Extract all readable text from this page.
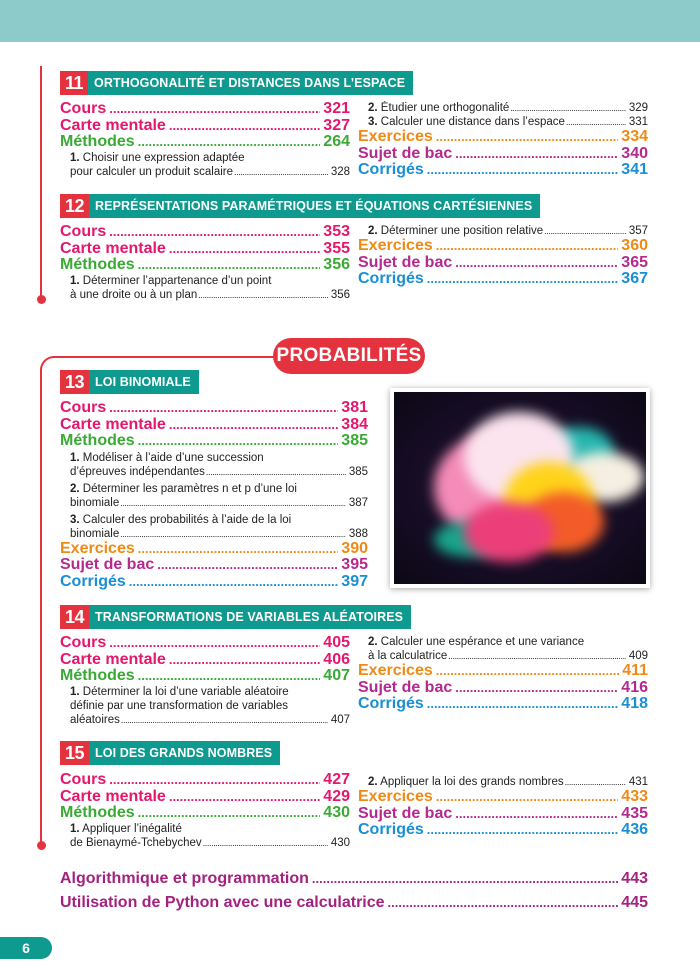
11 ORTHOGONALITÉ ET DISTANCES DANS L’ESPACE
Cours .....	321
Carte mentale .....	327
Méthodes .....	264
1. Choisir une expression adaptée
pour calculer un produit scalaire .....	328
2. Étudier une orthogonalité .....	329
3. Calculer une distance dans l’espace .....	331
Exercices .....	334
Sujet de bac .....	340
Corrigés .....	341
12 REPRÉSENTATIONS PARAMÉTRIQUES ET ÉQUATIONS CARTÉSIENNES
Cours .....	353
Carte mentale .....	355
Méthodes .....	356
1. Déterminer l’appartenance d’un point
à une droite ou à un plan .....	356
2. Déterminer une position relative .....	357
Exercices .....	360
Sujet de bac .....	365
Corrigés .....	367
PROBABILITÉS
13 LOI BINOMIALE
Cours .....	381
Carte mentale .....	384
Méthodes .....	385
1. Modéliser à l’aide d’une succession
d’épreuves indépendantes .....	385
2. Déterminer les paramètres n et p d’une loi
binomiale .....	387
3. Calculer des probabilités à l’aide de la loi
binomiale .....	388
Exercices .....	390
Sujet de bac .....	395
Corrigés .....	397
14 TRANSFORMATIONS DE VARIABLES ALÉATOIRES
Cours .....	405
Carte mentale .....	406
Méthodes .....	407
1. Déterminer la loi d’une variable aléatoire
définie par une transformation de variables
aléatoires .....	407
2. Calculer une espérance et une variance
à la calculatrice .....	409
Exercices .....	411
Sujet de bac .....	416
Corrigés .....	418
15 LOI DES GRANDS NOMBRES
Cours .....	427
Carte mentale .....	429
Méthodes .....	430
1. Appliquer l’inégalité
de Bienaymé-Tchebychev .....	430
2. Appliquer la loi des grands nombres .....	431
Exercices .....	433
Sujet de bac .....	435
Corrigés .....	436
Algorithmique et programmation .....	443
Utilisation de Python avec une calculatrice .....	445
6
